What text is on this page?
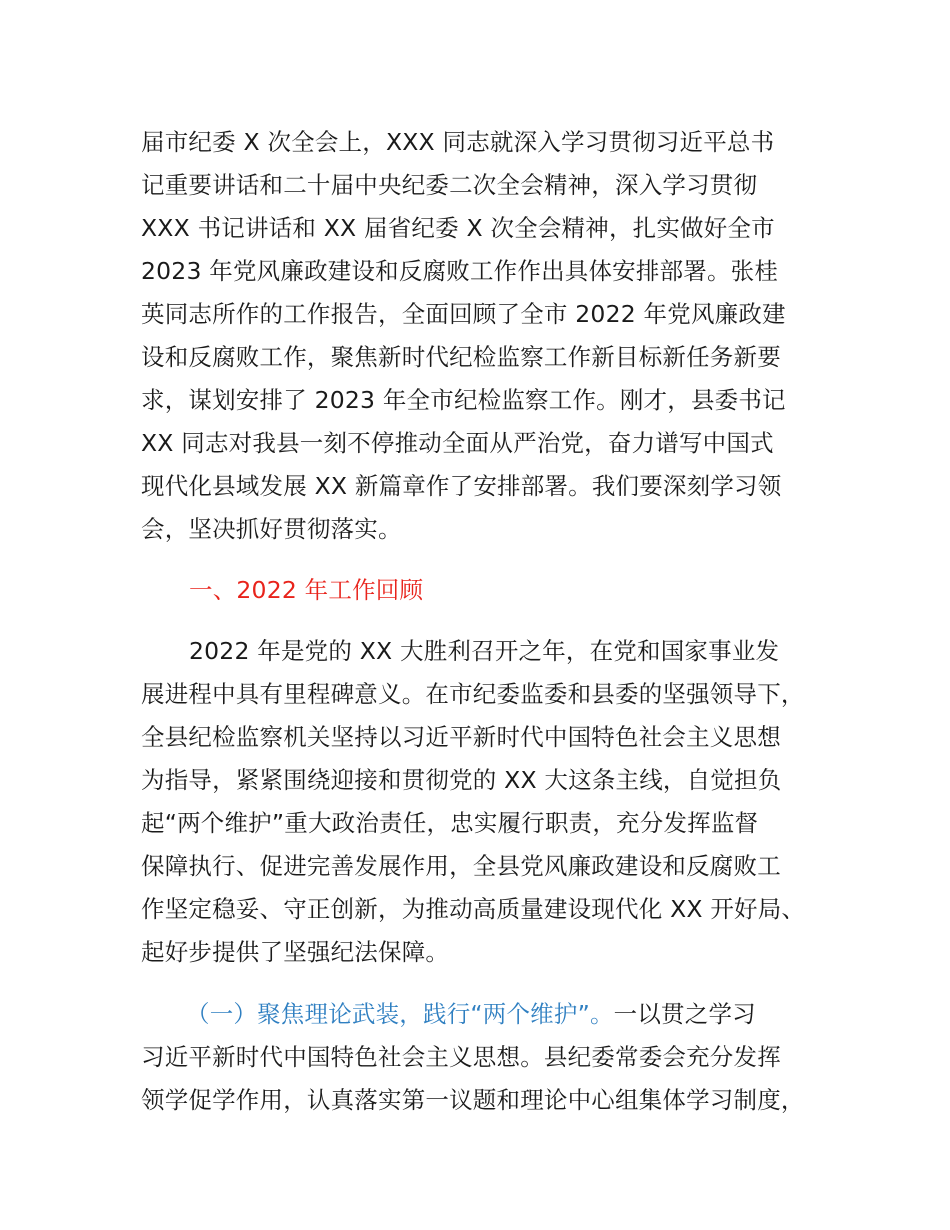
届市纪委 X 次全会上，XXX 同志就深入学习贯彻习近平总书
记重要讲话和二十届中央纪委二次全会精神，深入学习贯彻
XXX 书记讲话和 XX 届省纪委 X 次全会精神，扎实做好全市
2023 年党风廉政建设和反腐败工作作出具体安排部署。张桂
英同志所作的工作报告，全面回顾了全市 2022 年党风廉政建
设和反腐败工作，聚焦新时代纪检监察工作新目标新任务新要
求，谋划安排了 2023 年全市纪检监察工作。刚才，县委书记
XX 同志对我县一刻不停推动全面从严治党，奋力谱写中国式
现代化县域发展 XX 新篇章作了安排部署。我们要深刻学习领
会，坚决抓好贯彻落实。
一、2022 年工作回顾
2022 年是党的 XX 大胜利召开之年，在党和国家事业发
展进程中具有里程碑意义。在市纪委监委和县委的坚强领导下，
全县纪检监察机关坚持以习近平新时代中国特色社会主义思想
为指导，紧紧围绕迎接和贯彻党的 XX 大这条主线，自觉担负
起“两个维护”重大政治责任，忠实履行职责，充分发挥监督
保障执行、促进完善发展作用，全县党风廉政建设和反腐败工
作坚定稳妥、守正创新，为推动高质量建设现代化 XX 开好局、
起好步提供了坚强纪法保障。
（一）聚焦理论武装，践行“两个维护”。一以贯之学习
习近平新时代中国特色社会主义思想。县纪委常委会充分发挥
领学促学作用，认真落实第一议题和理论中心组集体学习制度，
